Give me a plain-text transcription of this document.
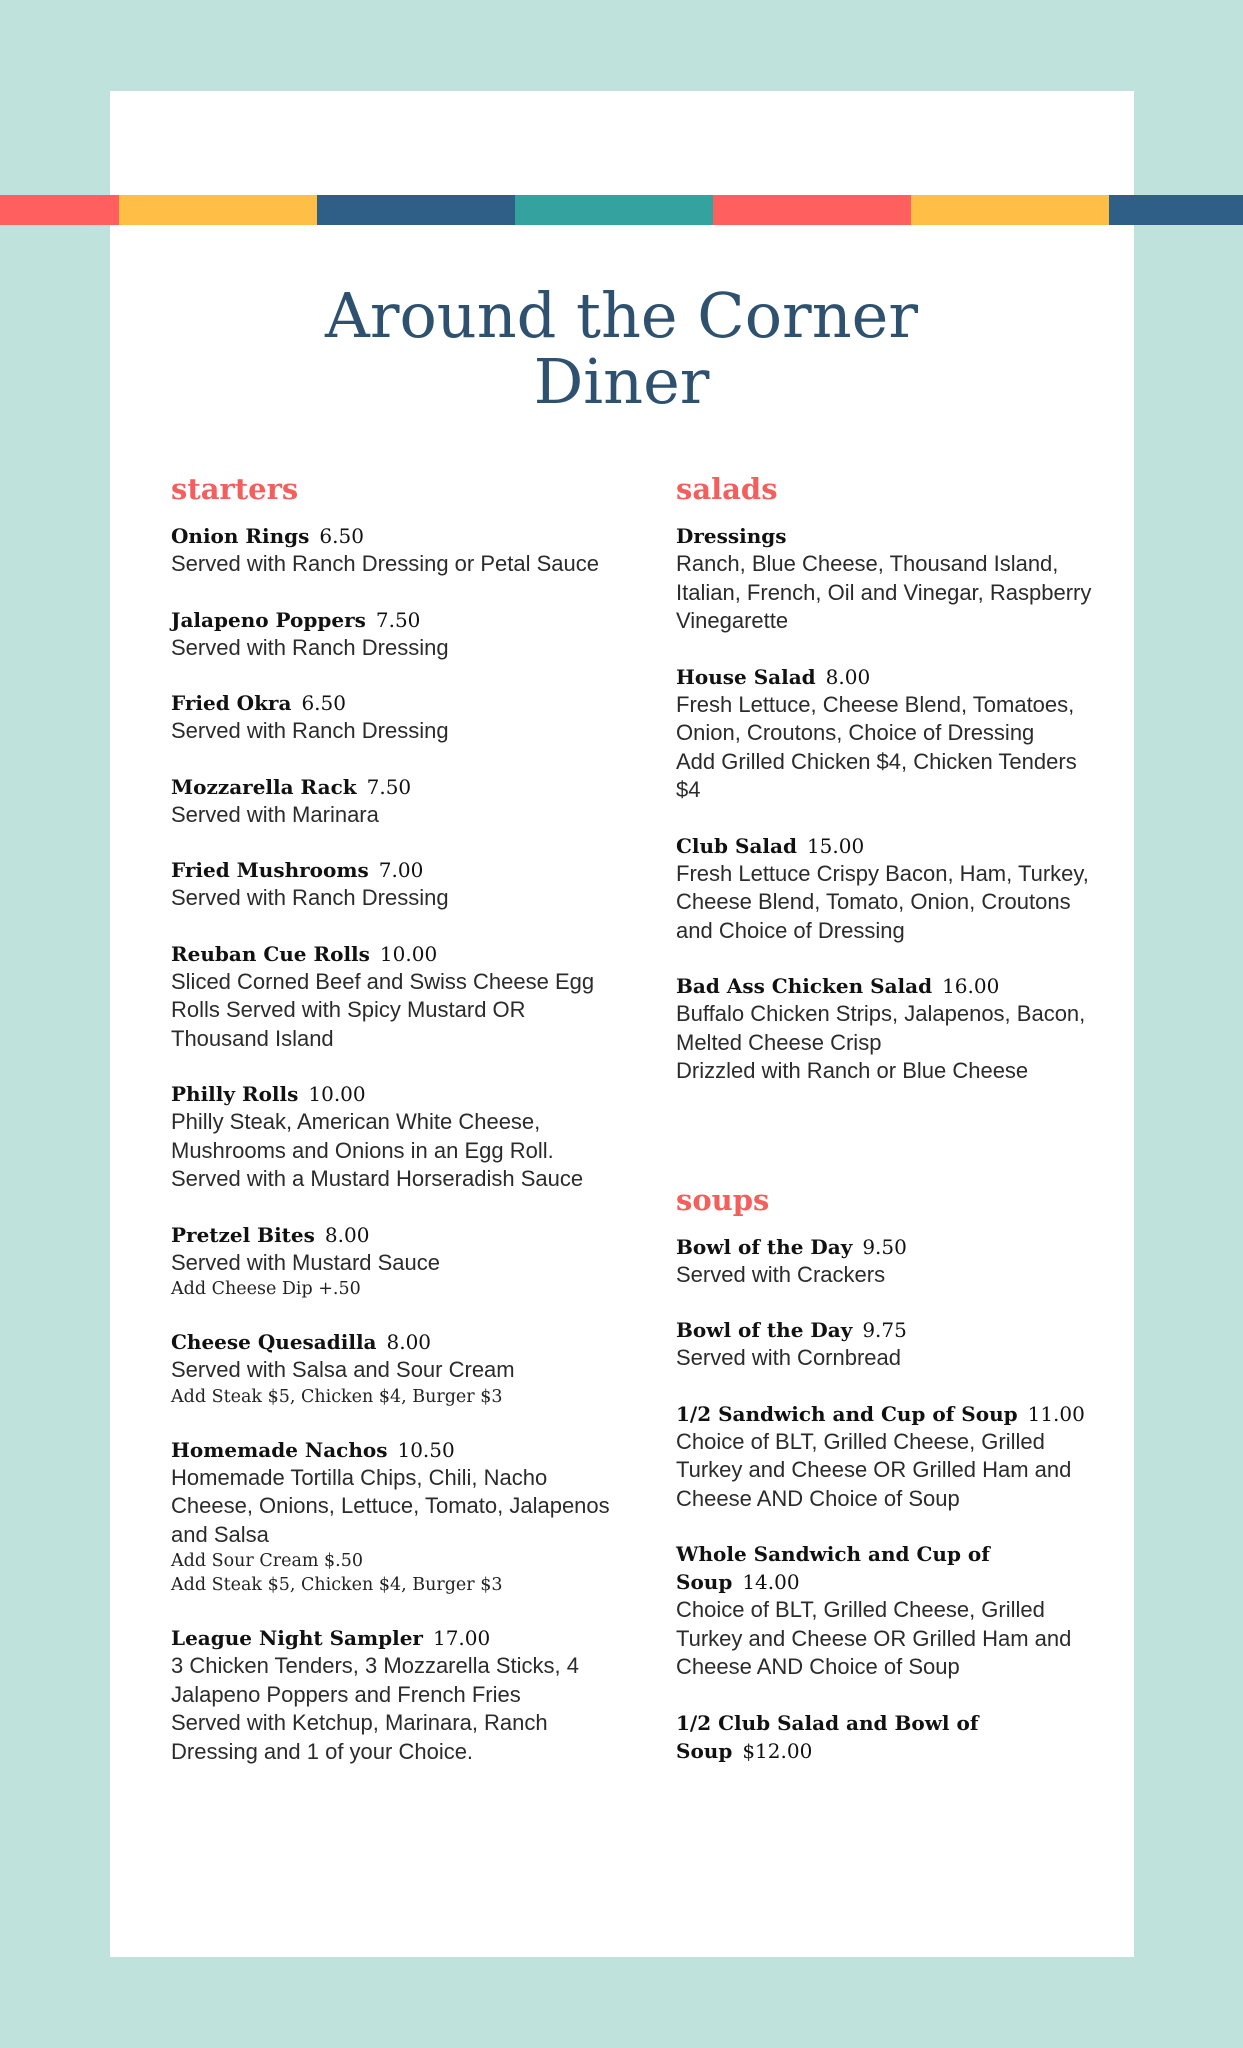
Around the Corner
Diner
starters
Onion Rings 6.50
Served with Ranch Dressing or Petal Sauce
Jalapeno Poppers 7.50
Served with Ranch Dressing
Fried Okra 6.50
Served with Ranch Dressing
Mozzarella Rack 7.50
Served with Marinara
Fried Mushrooms 7.00
Served with Ranch Dressing
Reuban Cue Rolls 10.00
Sliced Corned Beef and Swiss Cheese Egg Rolls Served with Spicy Mustard OR Thousand Island
Philly Rolls 10.00
Philly Steak, American White Cheese, Mushrooms and Onions in an Egg Roll. Served with a Mustard Horseradish Sauce
Pretzel Bites 8.00
Served with Mustard Sauce
Add Cheese Dip +.50
Cheese Quesadilla 8.00
Served with Salsa and Sour Cream
Add Steak $5, Chicken $4, Burger $3
Homemade Nachos 10.50
Homemade Tortilla Chips, Chili, Nacho Cheese, Onions, Lettuce, Tomato, Jalapenos and Salsa
Add Sour Cream $.50
Add Steak $5, Chicken $4, Burger $3
League Night Sampler 17.00
3 Chicken Tenders, 3 Mozzarella Sticks, 4 Jalapeno Poppers and French Fries
Served with Ketchup, Marinara, Ranch Dressing and 1 of your Choice.
salads
Dressings
Ranch, Blue Cheese, Thousand Island, Italian, French, Oil and Vinegar, Raspberry Vinegarette
House Salad 8.00
Fresh Lettuce, Cheese Blend, Tomatoes, Onion, Croutons, Choice of Dressing
Add Grilled Chicken $4, Chicken Tenders $4
Club Salad 15.00
Fresh Lettuce Crispy Bacon, Ham, Turkey, Cheese Blend, Tomato, Onion, Croutons and Choice of Dressing
Bad Ass Chicken Salad 16.00
Buffalo Chicken Strips, Jalapenos, Bacon, Melted Cheese Crisp
Drizzled with Ranch or Blue Cheese
soups
Bowl of the Day 9.50
Served with Crackers
Bowl of the Day 9.75
Served with Cornbread
1/2 Sandwich and Cup of Soup 11.00
Choice of BLT, Grilled Cheese, Grilled Turkey and Cheese OR Grilled Ham and Cheese AND Choice of Soup
Whole Sandwich and Cup of Soup 14.00
Choice of BLT, Grilled Cheese, Grilled Turkey and Cheese OR Grilled Ham and Cheese AND Choice of Soup
1/2 Club Salad and Bowl of Soup $12.00
